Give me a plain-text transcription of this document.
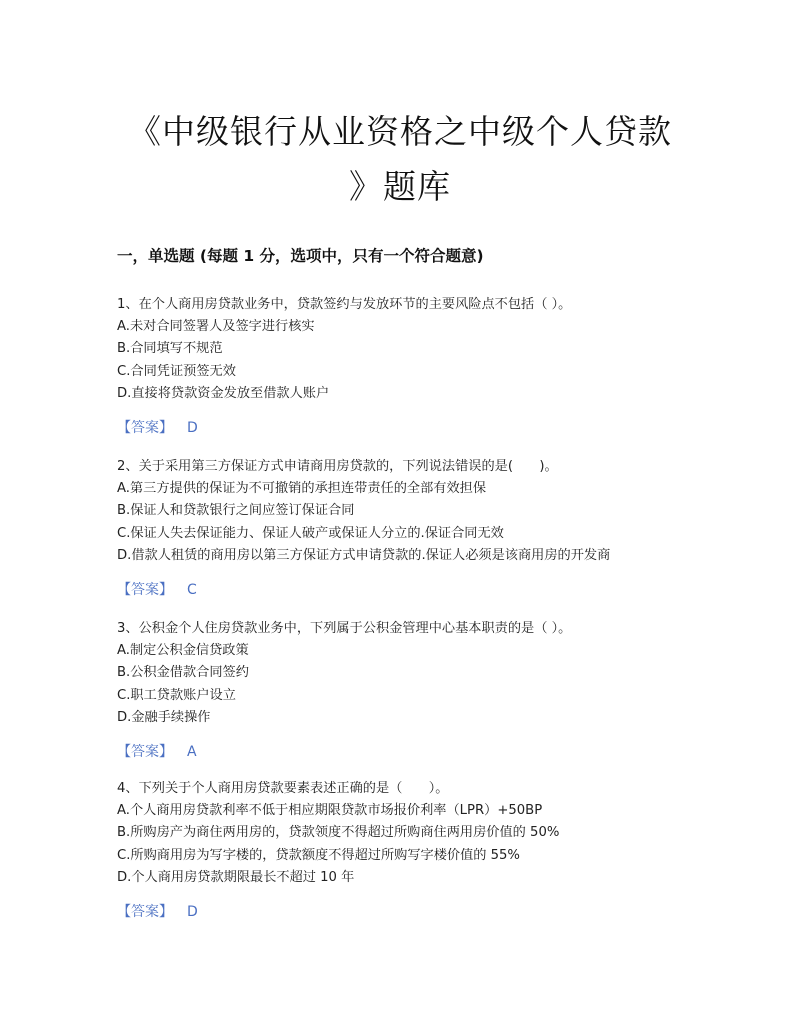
《中级银行从业资格之中级个人贷款
》题库
一，单选题 (每题 1 分，选项中，只有一个符合题意)
1、在个人商用房贷款业务中，贷款签约与发放环节的主要风险点不包括（ ）。
A.未对合同签署人及签字进行核实
B.合同填写不规范
C.合同凭证预签无效
D.直接将贷款资金发放至借款人账户
【答案】 D
2、关于采用第三方保证方式申请商用房贷款的，下列说法错误的是(　　)。
A.第三方提供的保证为不可撤销的承担连带责任的全部有效担保
B.保证人和贷款银行之间应签订保证合同
C.保证人失去保证能力、保证人破产或保证人分立的.保证合同无效
D.借款人租赁的商用房以第三方保证方式申请贷款的.保证人必须是该商用房的开发商
【答案】 C
3、公积金个人住房贷款业务中，下列属于公积金管理中心基本职责的是（ ）。
A.制定公积金信贷政策
B.公积金借款合同签约
C.职工贷款账户设立
D.金融手续操作
【答案】 A
4、下列关于个人商用房贷款要素表述正确的是（　　）。
A.个人商用房贷款利率不低于相应期限贷款市场报价利率（LPR）+50BP
B.所购房产为商住两用房的，贷款领度不得超过所购商住两用房价值的 50%
C.所购商用房为写字楼的，贷款额度不得超过所购写字楼价值的 55%
D.个人商用房贷款期限最长不超过 10 年
【答案】 D
